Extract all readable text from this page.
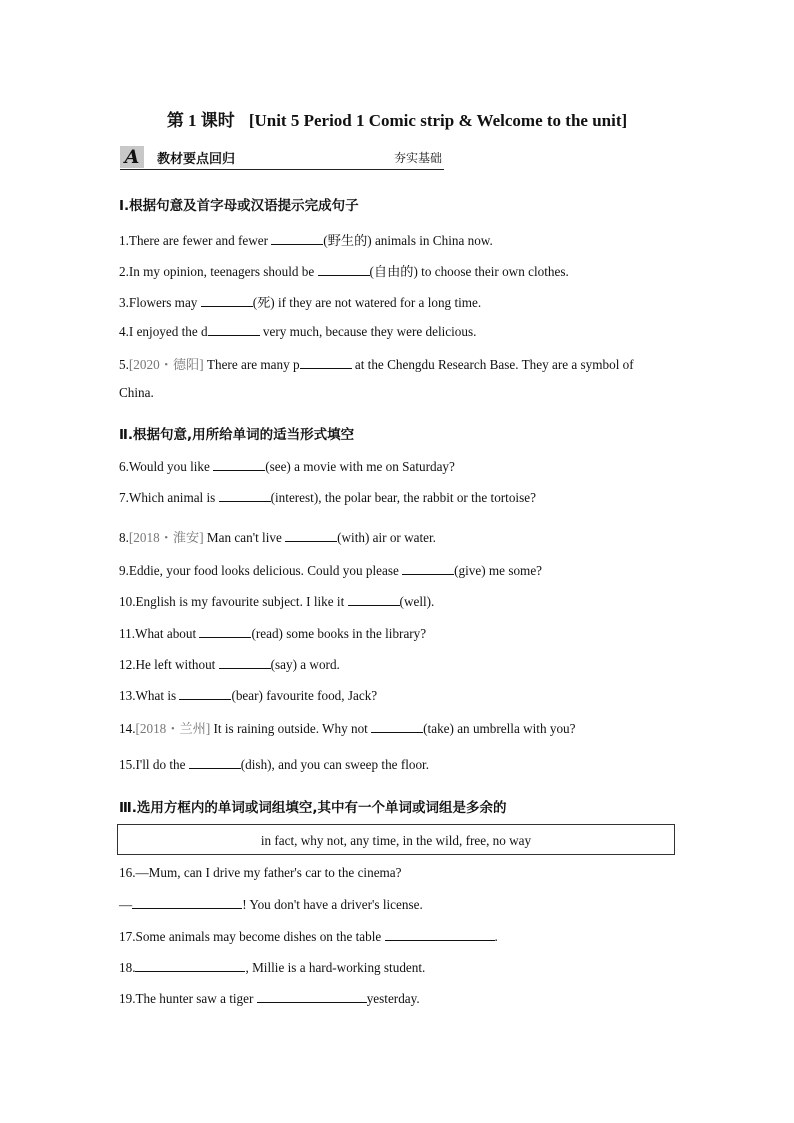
第 1 课时 [Unit 5 Period 1 Comic strip & Welcome to the unit]
A	教材要点回归	夯实基础
Ⅰ.根据句意及首字母或汉语提示完成句子
1.There are fewer and fewer	(野生的) animals in China now.
2.In my opinion, teenagers should be	(自由的) to choose their own clothes.
3.Flowers may	(死) if they are not watered for a long time.
4.I enjoyed the d	very much, because they were delicious.
5.[2020・德阳] There are many p	at the Chengdu Research Base. They are a symbol of
China.
Ⅱ.根据句意,用所给单词的适当形式填空
6.Would you like	(see) a movie with me on Saturday?
7.Which animal is	(interest), the polar bear, the rabbit or the tortoise?
8.[2018・淮安] Man can't live	(with) air or water.
9.Eddie, your food looks delicious. Could you please	(give) me some?
10.English is my favourite subject. I like it	(well).
11.What about	(read) some books in the library?
12.He left without	(say) a word.
13.What is	(bear) favourite food, Jack?
14.[2018・兰州] It is raining outside. Why not	(take) an umbrella with you?
15.I'll do the	(dish), and you can sweep the floor.
Ⅲ.选用方框内的单词或词组填空,其中有一个单词或词组是多余的
in fact, why not, any time, in the wild, free, no way
16.—Mum, can I drive my father's car to the cinema?
—	! You don't have a driver's license.
17.Some animals may become dishes on the table	.
18.	, Millie is a hard-working student.
19.The hunter saw a tiger	yesterday.
